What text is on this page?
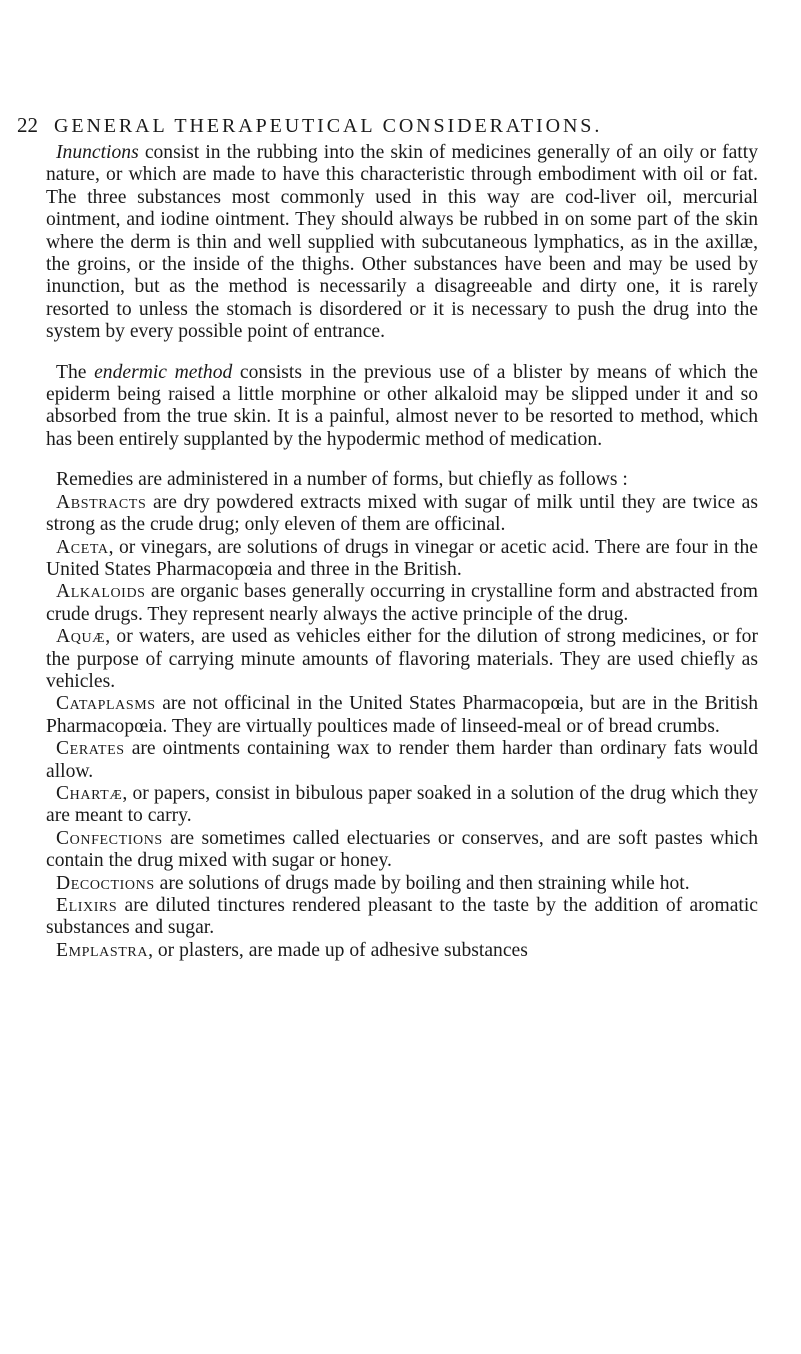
22 GENERAL THERAPEUTICAL CONSIDERATIONS.

Inunctions consist in the rubbing into the skin of medicines generally of an oily or fatty nature, or which are made to have this characteristic through embodiment with oil or fat. The three substances most commonly used in this way are cod-liver oil, mercurial ointment, and iodine ointment. They should always be rubbed in on some part of the skin where the derm is thin and well supplied with subcutaneous lymphatics, as in the axillæ, the groins, or the inside of the thighs. Other substances have been and may be used by inunction, but as the method is necessarily a disagreeable and dirty one, it is rarely resorted to unless the stomach is disordered or it is necessary to push the drug into the system by every possible point of entrance.

The endermic method consists in the previous use of a blister by means of which the epiderm being raised a little morphine or other alkaloid may be slipped under it and so absorbed from the true skin. It is a painful, almost never to be resorted to method, which has been entirely supplanted by the hypodermic method of medication.

Remedies are administered in a number of forms, but chiefly as follows :

Abstracts are dry powdered extracts mixed with sugar of milk until they are twice as strong as the crude drug; only eleven of them are officinal.

Aceta, or vinegars, are solutions of drugs in vinegar or acetic acid. There are four in the United States Pharmacopœia and three in the British.

Alkaloids are organic bases generally occurring in crystalline form and abstracted from crude drugs. They represent nearly always the active principle of the drug.

Aquæ, or waters, are used as vehicles either for the dilution of strong medicines, or for the purpose of carrying minute amounts of flavoring materials. They are used chiefly as vehicles.

Cataplasms are not officinal in the United States Pharmacopœia, but are in the British Pharmacopœia. They are virtually poultices made of linseed-meal or of bread crumbs.

Cerates are ointments containing wax to render them harder than ordinary fats would allow.

Chartæ, or papers, consist in bibulous paper soaked in a solution of the drug which they are meant to carry.

Confections are sometimes called electuaries or conserves, and are soft pastes which contain the drug mixed with sugar or honey.

Decoctions are solutions of drugs made by boiling and then straining while hot.

Elixirs are diluted tinctures rendered pleasant to the taste by the addition of aromatic substances and sugar.

Emplastra, or plasters, are made up of adhesive substances
